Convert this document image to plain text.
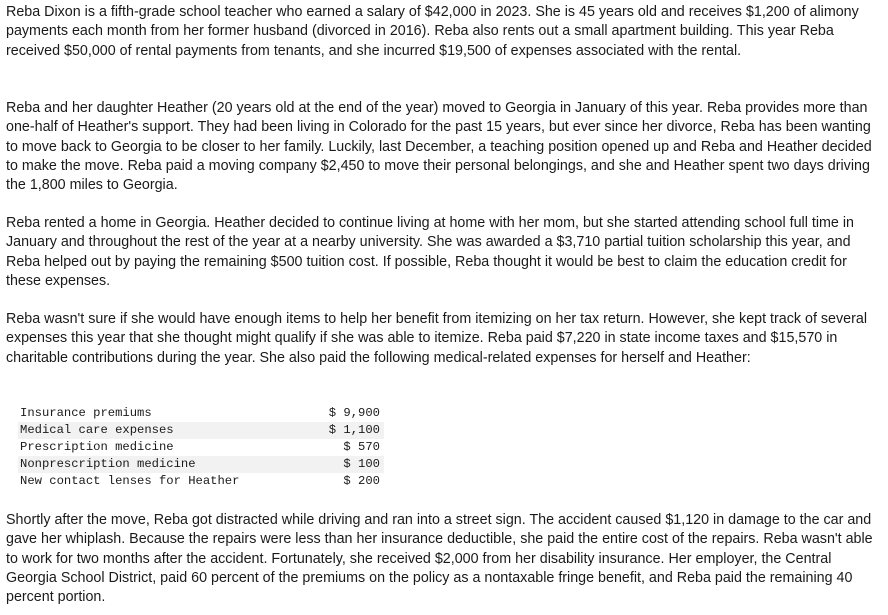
Reba Dixon is a fifth-grade school teacher who earned a salary of $42,000 in 2023. She is 45 years old and receives $1,200 of alimony payments each month from her former husband (divorced in 2016). Reba also rents out a small apartment building. This year Reba received $50,000 of rental payments from tenants, and she incurred $19,500 of expenses associated with the rental.

Reba and her daughter Heather (20 years old at the end of the year) moved to Georgia in January of this year. Reba provides more than one-half of Heather's support. They had been living in Colorado for the past 15 years, but ever since her divorce, Reba has been wanting to move back to Georgia to be closer to her family. Luckily, last December, a teaching position opened up and Reba and Heather decided to make the move. Reba paid a moving company $2,450 to move their personal belongings, and she and Heather spent two days driving the 1,800 miles to Georgia.

Reba rented a home in Georgia. Heather decided to continue living at home with her mom, but she started attending school full time in January and throughout the rest of the year at a nearby university. She was awarded a $3,710 partial tuition scholarship this year, and Reba helped out by paying the remaining $500 tuition cost. If possible, Reba thought it would be best to claim the education credit for these expenses.

Reba wasn't sure if she would have enough items to help her benefit from itemizing on her tax return. However, she kept track of several expenses this year that she thought might qualify if she was able to itemize. Reba paid $7,220 in state income taxes and $15,570 in charitable contributions during the year. She also paid the following medical-related expenses for herself and Heather:

Insurance premiums	$ 9,900
Medical care expenses	$ 1,100
Prescription medicine	$ 570
Nonprescription medicine	$ 100
New contact lenses for Heather	$ 200

Shortly after the move, Reba got distracted while driving and ran into a street sign. The accident caused $1,120 in damage to the car and gave her whiplash. Because the repairs were less than her insurance deductible, she paid the entire cost of the repairs. Reba wasn't able to work for two months after the accident. Fortunately, she received $2,000 from her disability insurance. Her employer, the Central Georgia School District, paid 60 percent of the premiums on the policy as a nontaxable fringe benefit, and Reba paid the remaining 40 percent portion.
